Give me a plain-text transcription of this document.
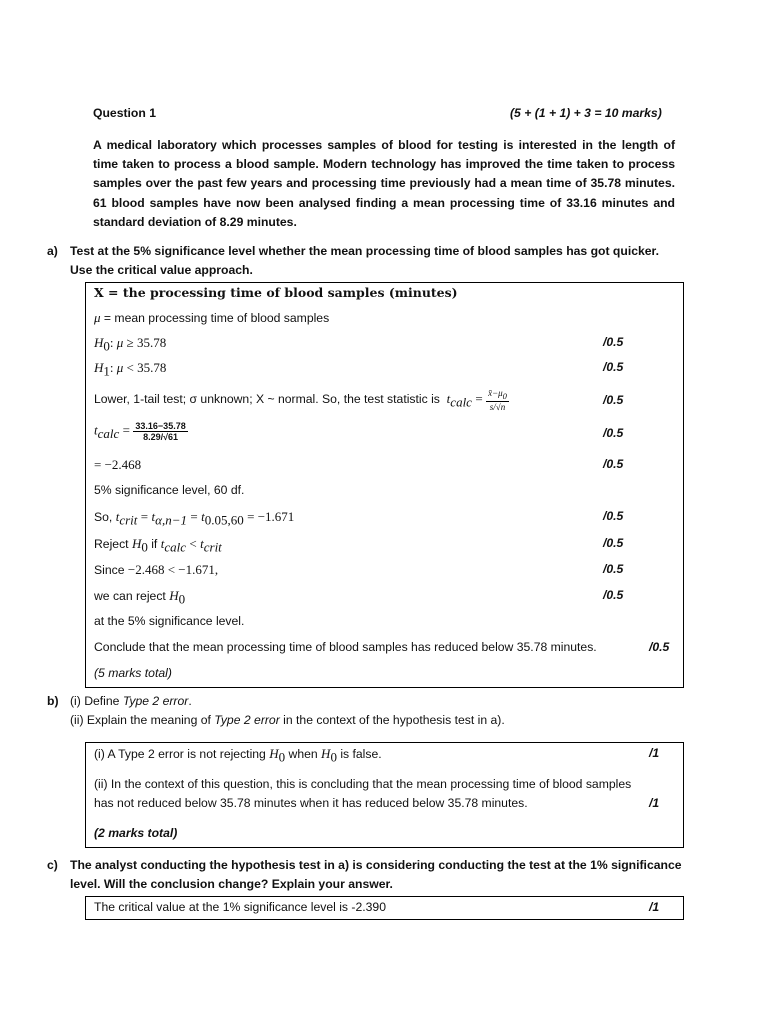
Question 1	(5 + (1 + 1) + 3 = 10 marks)
A medical laboratory which processes samples of blood for testing is interested in the length of time taken to process a blood sample. Modern technology has improved the time taken to process samples over the past few years and processing time previously had a mean time of 35.78 minutes. 61 blood samples have now been analysed finding a mean processing time of 33.16 minutes and standard deviation of 8.29 minutes.
a) Test at the 5% significance level whether the mean processing time of blood samples has got quicker.
Use the critical value approach.
X = the processing time of blood samples (minutes)
μ = mean processing time of blood samples
$H_0$: μ ≥ 35.78	/0.5
$H_1$: μ < 35.78	/0.5
Lower, 1-tail test; σ unknown; X ~ normal. So, the test statistic is $t_{calc} = \frac{x̄-\mu_0}{s/√n}$	/0.5
$t_{calc} = \frac{33.16-35.78}{8.29/√61}$	/0.5
= −2.468	/0.5
5% significance level, 60 df.
So, $t_{crit} = t_{\alpha,n-1} = t_{0.05,60} = -1.671$	/0.5
Reject $H_0$ if $t_{calc} < t_{crit}$	/0.5
Since −2.468 < −1.671,	/0.5
we can reject $H_0$	/0.5
at the 5% significance level.
Conclude that the mean processing time of blood samples has reduced below 35.78 minutes.	/0.5
(5 marks total)
b) (i) Define Type 2 error.
(ii) Explain the meaning of Type 2 error in the context of the hypothesis test in a).
(i) A Type 2 error is not rejecting $H_0$ when $H_0$ is false.	/1
(ii) In the context of this question, this is concluding that the mean processing time of blood samples
has not reduced below 35.78 minutes when it has reduced below 35.78 minutes.	/1
(2 marks total)
c) The analyst conducting the hypothesis test in a) is considering conducting the test at the 1% significance
level. Will the conclusion change? Explain your answer.
The critical value at the 1% significance level is -2.390	/1
